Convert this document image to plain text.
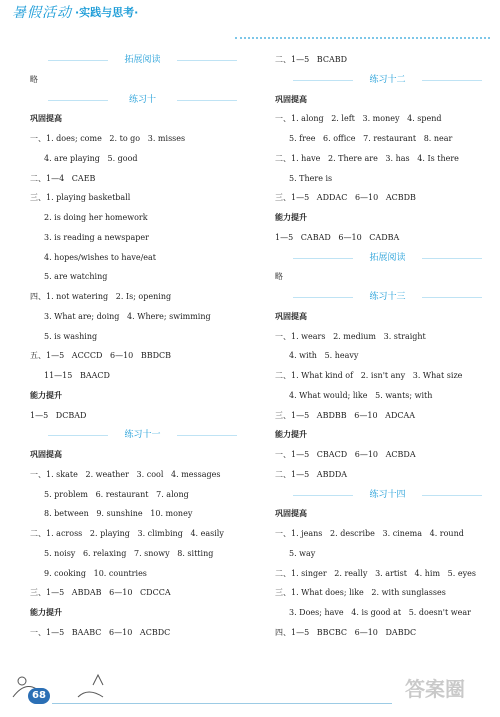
暑假活动 ·实践与思考·
拓展阅读
略
练习十
巩固提高
一、1. does; come   2. to go   3. misses
4. are playing   5. good
二、1—4   CAEB
三、1. playing basketball
2. is doing her homework
3. is reading a newspaper
4. hopes/wishes to have/eat
5. are watching
四、1. not watering   2. Is; opening
3. What are; doing   4. Where; swimming
5. is washing
五、1—5   ACCCD   6—10   BBDCB
11—15   BAACD
能力提升
1—5   DCBAD
练习十一
巩固提高
一、1. skate   2. weather   3. cool   4. messages
5. problem   6. restaurant   7. along
8. between   9. sunshine   10. money
二、1. across   2. playing   3. climbing   4. easily
5. noisy   6. relaxing   7. snowy   8. sitting
9. cooking   10. countries
三、1—5   ABDAB   6—10   CDCCA
能力提升
一、1—5   BAABC   6—10   ACBDC
二、1—5   BCABD
练习十二
巩固提高
一、1. along   2. left   3. money   4. spend
5. free   6. office   7. restaurant   8. near
二、1. have   2. There are   3. has   4. Is there
5. There is
三、1—5   ADDAC   6—10   ACBDB
能力提升
1—5   CABAD   6—10   CADBA
拓展阅读
略
练习十三
巩固提高
一、1. wears   2. medium   3. straight
4. with   5. heavy
二、1. What kind of   2. isn't any   3. What size
4. What would; like   5. wants; with
三、1—5   ABDBB   6—10   ADCAA
能力提升
一、1—5   CBACD   6—10   ACBDA
二、1—5   ABDDA
练习十四
巩固提高
一、1. jeans   2. describe   3. cinema   4. round
5. way
二、1. singer   2. really   3. artist   4. him   5. eyes
三、1. What does; like   2. with sunglasses
3. Does; have   4. is good at   5. doesn't wear
四、1—5   BBCBC   6—10   DABDC
68	答案圈
